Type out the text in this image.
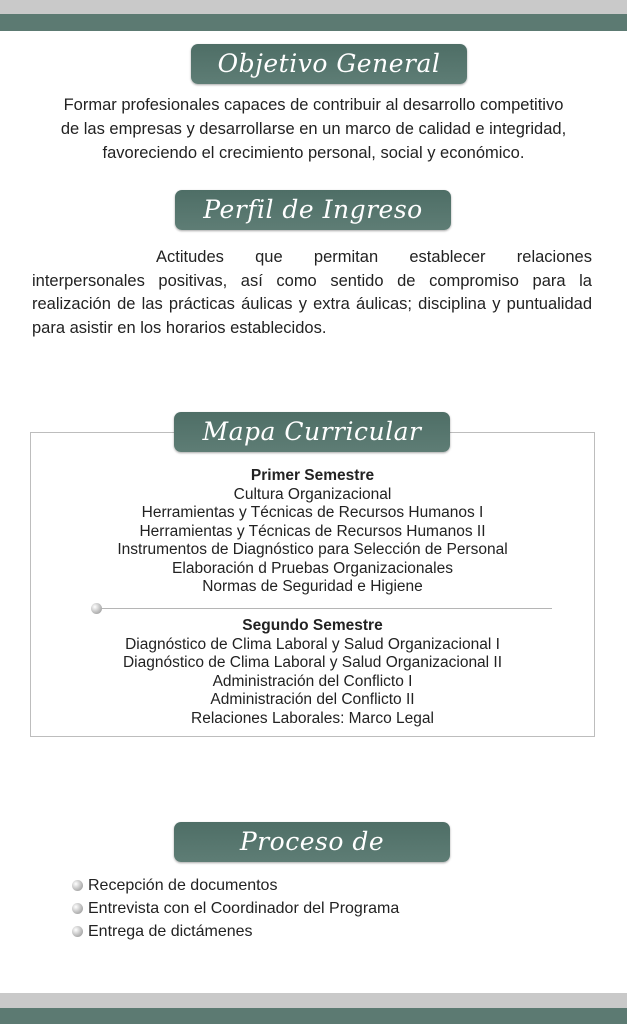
Objetivo General
Formar profesionales capaces de contribuir al desarrollo competitivo
de las empresas y desarrollarse en un marco de calidad e integridad,
favoreciendo el crecimiento personal, social y económico.
Perfil de Ingreso
Actitudes que permitan establecer relaciones interpersonales positivas, así como sentido de compromiso para la realización de las prácticas áulicas y extra áulicas; disciplina y puntualidad para asistir en los horarios establecidos.
Mapa Curricular
Primer Semestre
Cultura Organizacional
Herramientas y Técnicas de Recursos Humanos I
Herramientas y Técnicas de Recursos Humanos II
Instrumentos de Diagnóstico para Selección de Personal
Elaboración d Pruebas Organizacionales
Normas de Seguridad e Higiene
Segundo Semestre
Diagnóstico de Clima Laboral y Salud Organizacional I
Diagnóstico de Clima Laboral y Salud Organizacional II
Administración del Conflicto I
Administración del Conflicto II
Relaciones Laborales: Marco Legal
Proceso de Selección
Recepción de documentos
Entrevista con el Coordinador del Programa
Entrega de dictámenes
